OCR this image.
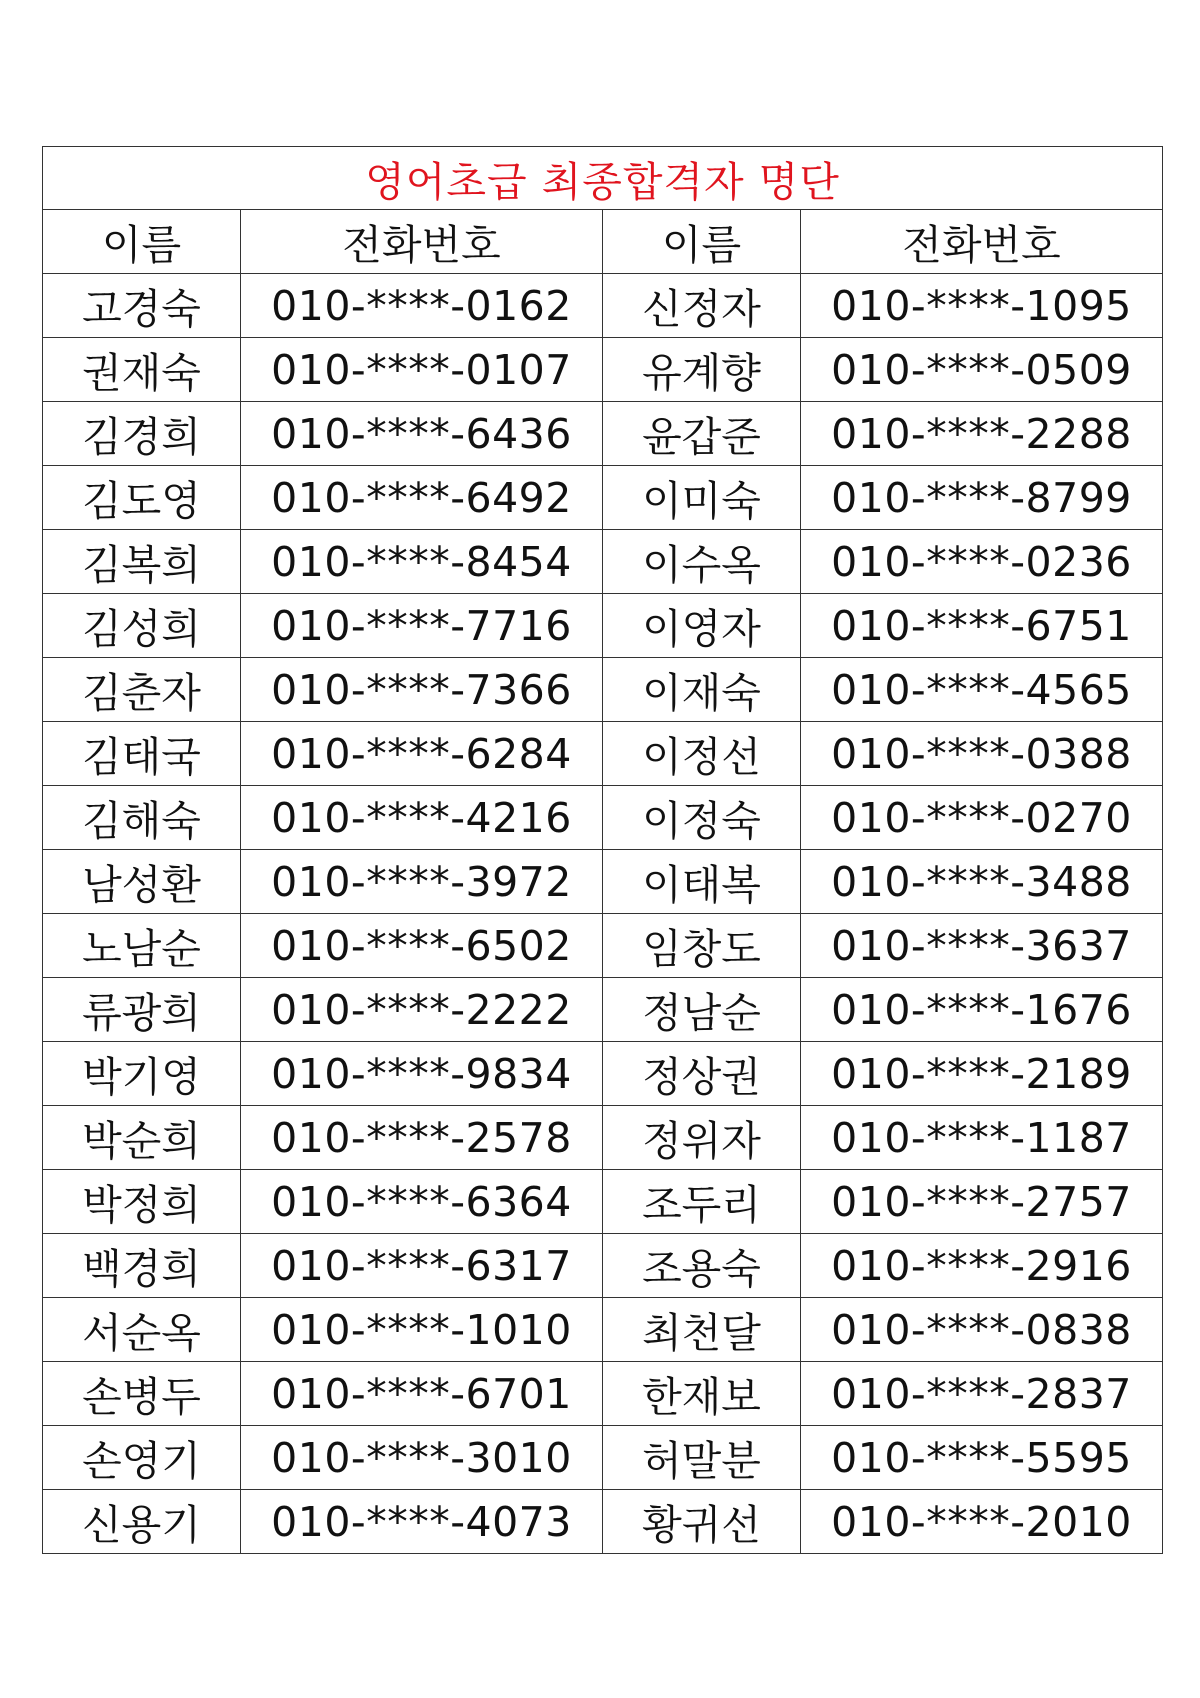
영어초급 최종합격자 명단			
이름	전화번호	이름	전화번호
고경숙	010-****-0162	신정자	010-****-1095
권재숙	010-****-0107	유계향	010-****-0509
김경희	010-****-6436	윤갑준	010-****-2288
김도영	010-****-6492	이미숙	010-****-8799
김복희	010-****-8454	이수옥	010-****-0236
김성희	010-****-7716	이영자	010-****-6751
김춘자	010-****-7366	이재숙	010-****-4565
김태국	010-****-6284	이정선	010-****-0388
김해숙	010-****-4216	이정숙	010-****-0270
남성환	010-****-3972	이태복	010-****-3488
노남순	010-****-6502	임창도	010-****-3637
류광희	010-****-2222	정남순	010-****-1676
박기영	010-****-9834	정상권	010-****-2189
박순희	010-****-2578	정위자	010-****-1187
박정희	010-****-6364	조두리	010-****-2757
백경희	010-****-6317	조용숙	010-****-2916
서순옥	010-****-1010	최천달	010-****-0838
손병두	010-****-6701	한재보	010-****-2837
손영기	010-****-3010	허말분	010-****-5595
신용기	010-****-4073	황귀선	010-****-2010
